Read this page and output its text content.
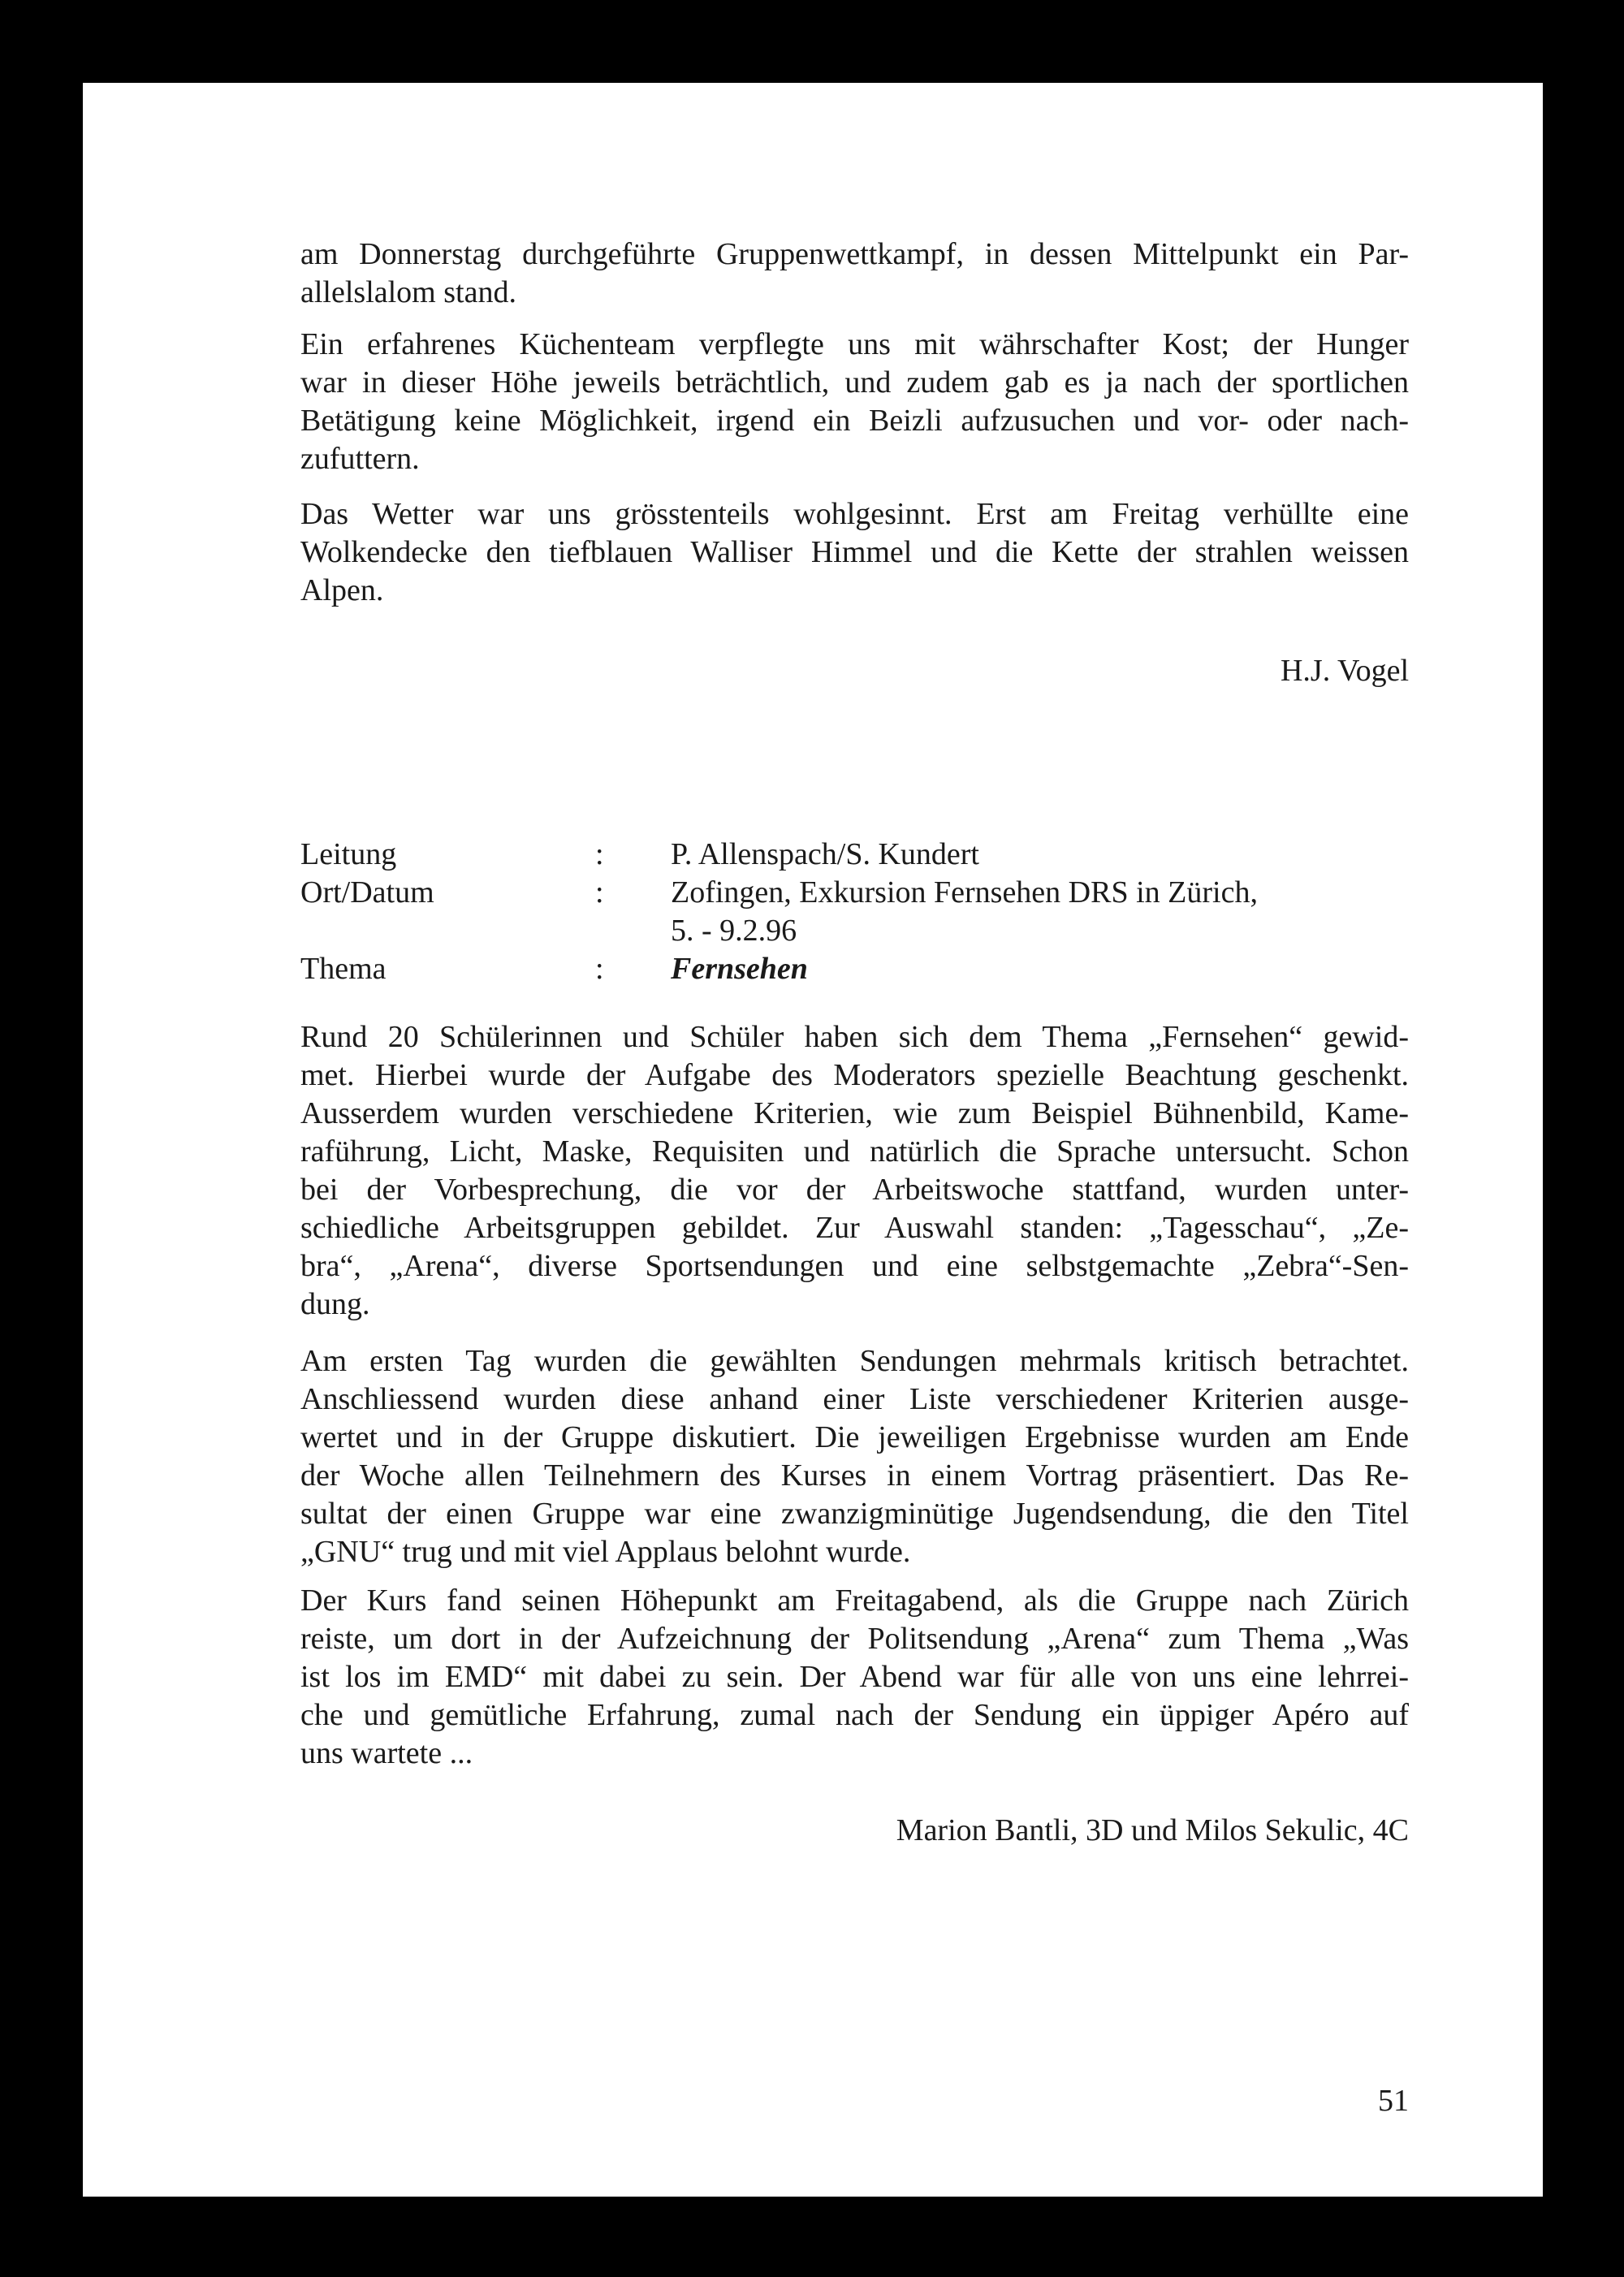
am Donnerstag durchgeführte Gruppenwettkampf, in dessen Mittelpunkt ein Par-
allelslalom stand.
Ein erfahrenes Küchenteam verpflegte uns mit währschafter Kost; der Hunger
war in dieser Höhe jeweils beträchtlich, und zudem gab es ja nach der sportlichen
Betätigung keine Möglichkeit, irgend ein Beizli aufzusuchen und vor- oder nach-
zufuttern.
Das Wetter war uns grösstenteils wohlgesinnt. Erst am Freitag verhüllte eine
Wolkendecke den tiefblauen Walliser Himmel und die Kette der strahlen weissen
Alpen.
H.J. Vogel
Leitung	: P. Allenspach/S. Kundert
Ort/Datum	: Zofingen, Exkursion Fernsehen DRS in Zürich,
5. - 9.2.96
Thema	: Fernsehen
Rund 20 Schülerinnen und Schüler haben sich dem Thema „Fernsehen“ gewid-
met. Hierbei wurde der Aufgabe des Moderators spezielle Beachtung geschenkt.
Ausserdem wurden verschiedene Kriterien, wie zum Beispiel Bühnenbild, Kame-
raführung, Licht, Maske, Requisiten und natürlich die Sprache untersucht. Schon
bei der Vorbesprechung, die vor der Arbeitswoche stattfand, wurden unter-
schiedliche Arbeitsgruppen gebildet. Zur Auswahl standen: „Tagesschau“, „Ze-
bra“, „Arena“, diverse Sportsendungen und eine selbstgemachte „Zebra“-Sen-
dung.
Am ersten Tag wurden die gewählten Sendungen mehrmals kritisch betrachtet.
Anschliessend wurden diese anhand einer Liste verschiedener Kriterien ausge-
wertet und in der Gruppe diskutiert. Die jeweiligen Ergebnisse wurden am Ende
der Woche allen Teilnehmern des Kurses in einem Vortrag präsentiert. Das Re-
sultat der einen Gruppe war eine zwanzigminütige Jugendsendung, die den Titel
„GNU“ trug und mit viel Applaus belohnt wurde.
Der Kurs fand seinen Höhepunkt am Freitagabend, als die Gruppe nach Zürich
reiste, um dort in der Aufzeichnung der Politsendung „Arena“ zum Thema „Was
ist los im EMD“ mit dabei zu sein. Der Abend war für alle von uns eine lehrrei-
che und gemütliche Erfahrung, zumal nach der Sendung ein üppiger Apéro auf
uns wartete ...
Marion Bantli, 3D und Milos Sekulic, 4C
51
